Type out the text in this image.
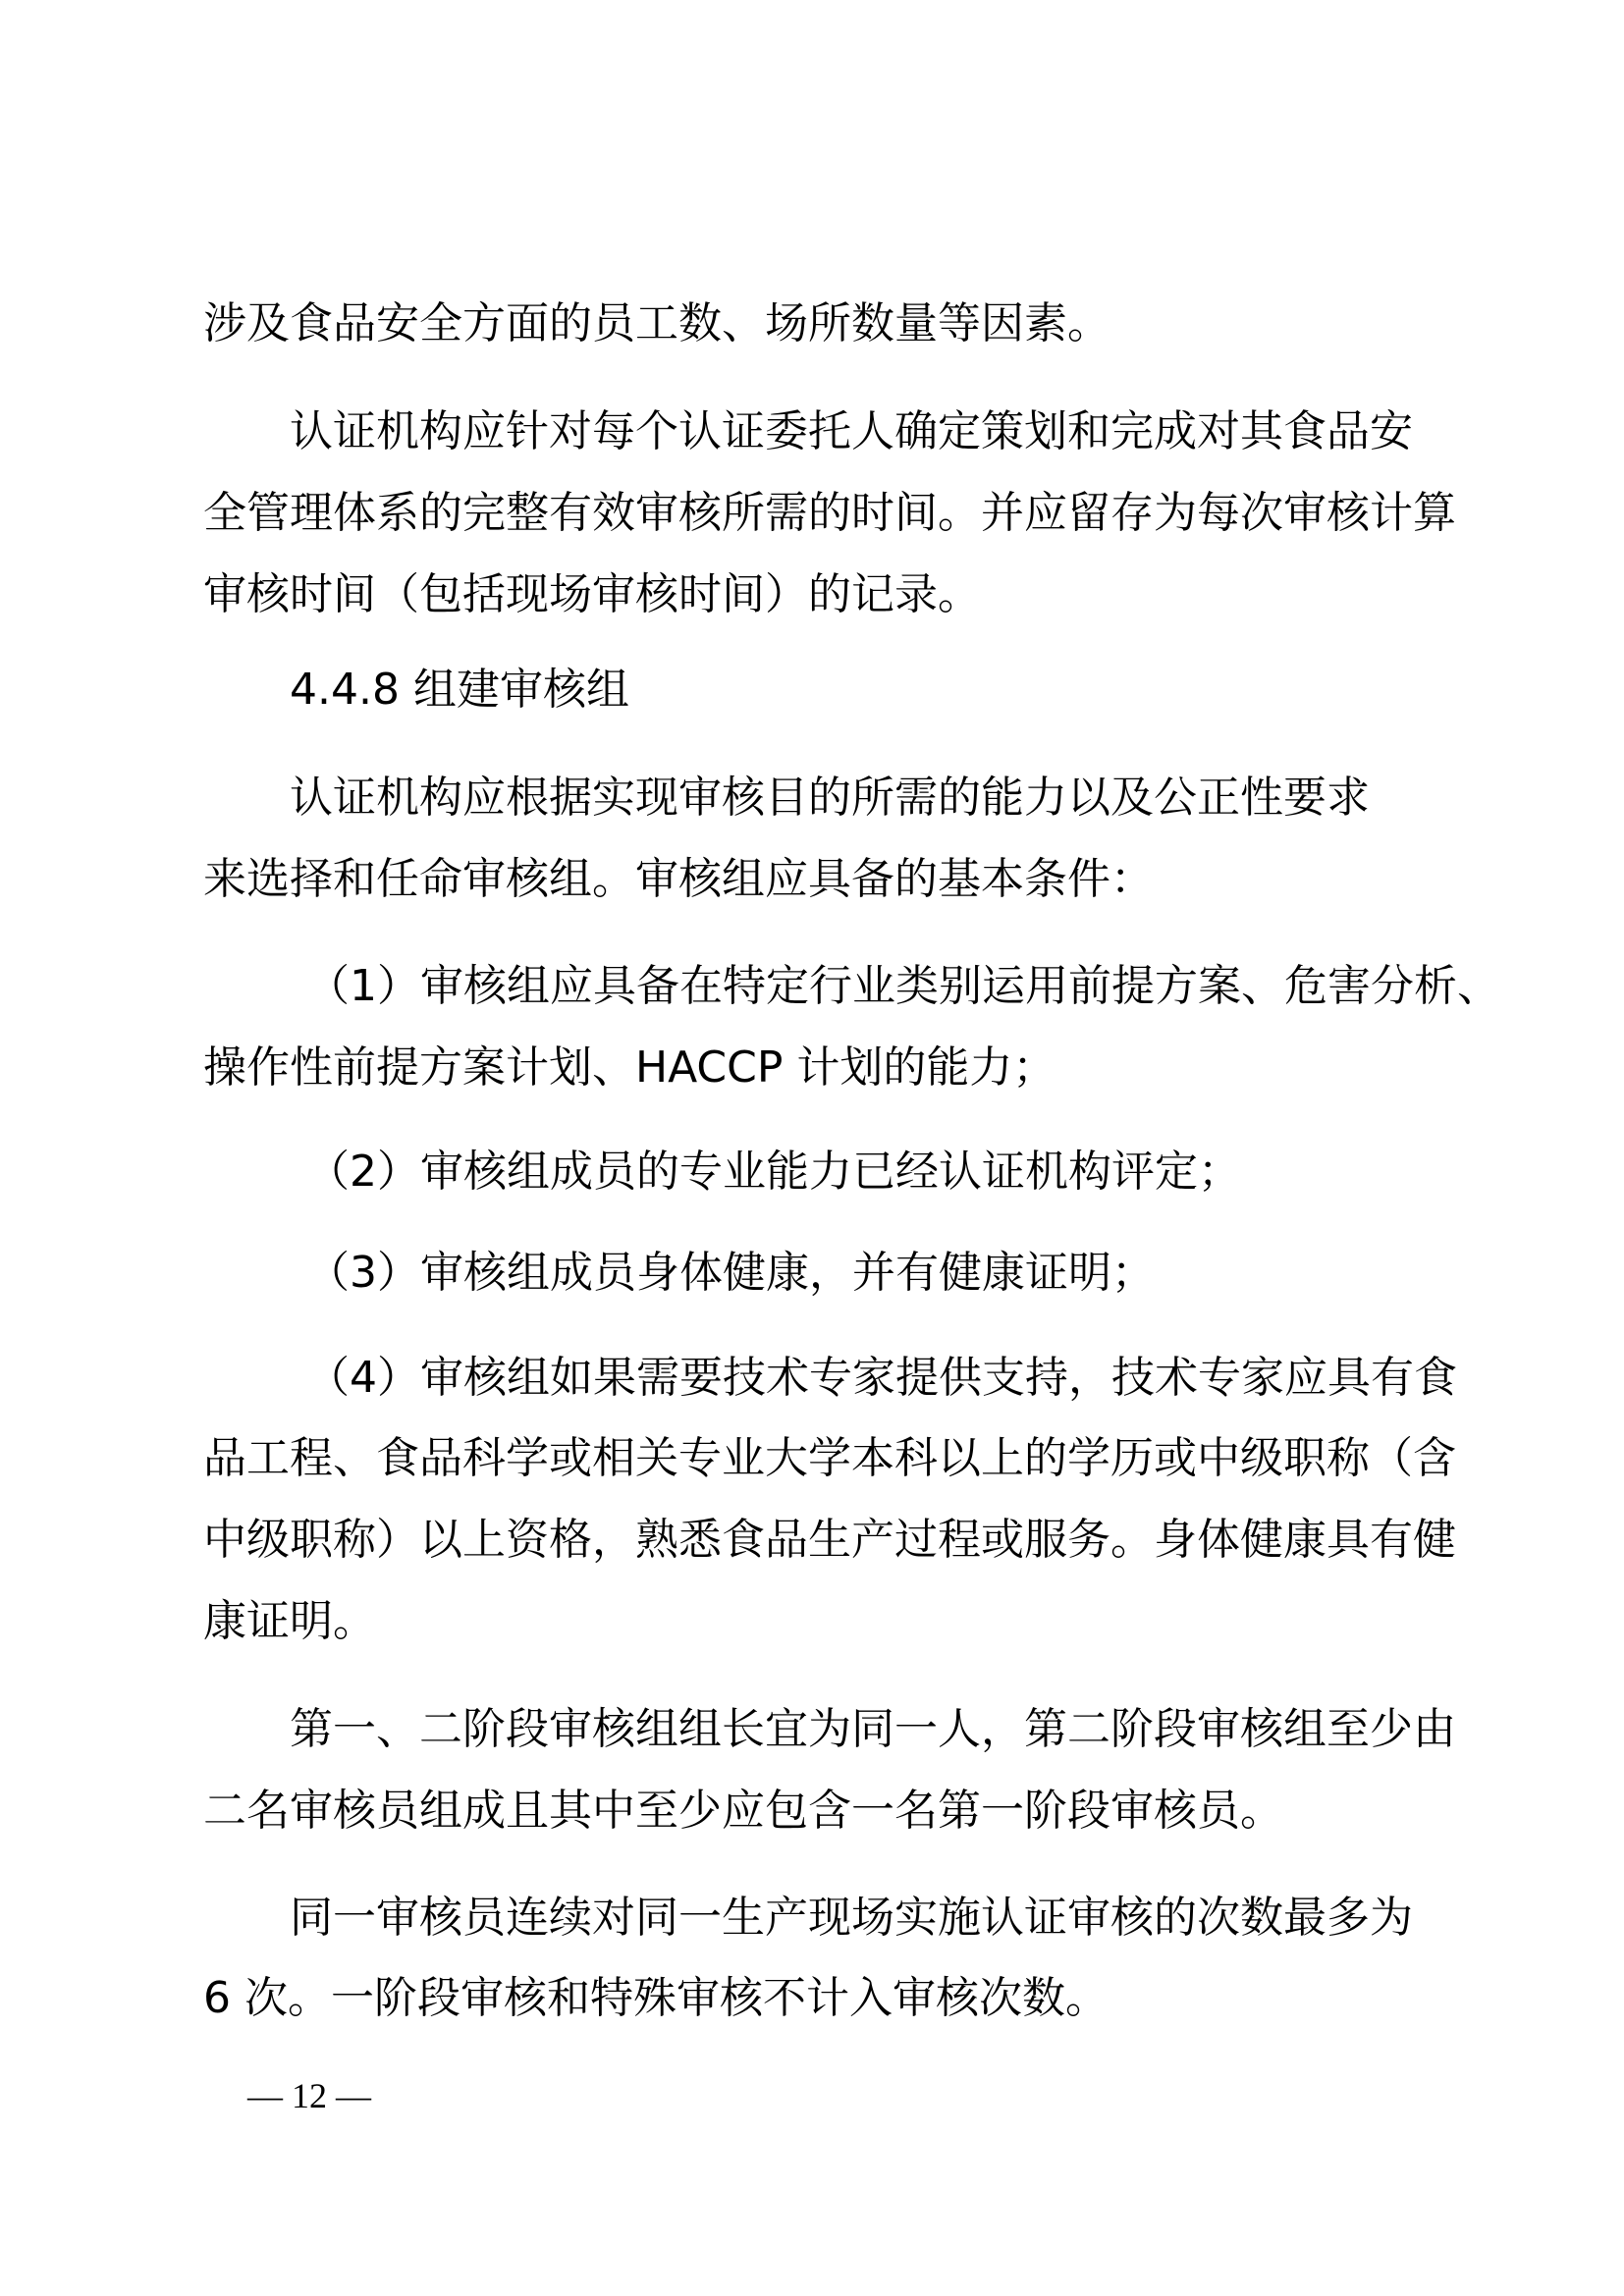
涉及食品安全方面的员工数、场所数量等因素。
认证机构应针对每个认证委托人确定策划和完成对其食品安
全管理体系的完整有效审核所需的时间。并应留存为每次审核计算
审核时间（包括现场审核时间）的记录。
4.4.8 组建审核组
认证机构应根据实现审核目的所需的能力以及公正性要求
来选择和任命审核组。审核组应具备的基本条件：
（1）审核组应具备在特定行业类别运用前提方案、危害分析、
操作性前提方案计划、HACCP 计划的能力；
（2）审核组成员的专业能力已经认证机构评定；
（3）审核组成员身体健康，并有健康证明；
（4）审核组如果需要技术专家提供支持，技术专家应具有食
品工程、食品科学或相关专业大学本科以上的学历或中级职称（含
中级职称）以上资格，熟悉食品生产过程或服务。身体健康具有健
康证明。
第一、二阶段审核组组长宜为同一人，第二阶段审核组至少由
二名审核员组成且其中至少应包含一名第一阶段审核员。
同一审核员连续对同一生产现场实施认证审核的次数最多为
6 次。一阶段审核和特殊审核不计入审核次数。
— 12 —
